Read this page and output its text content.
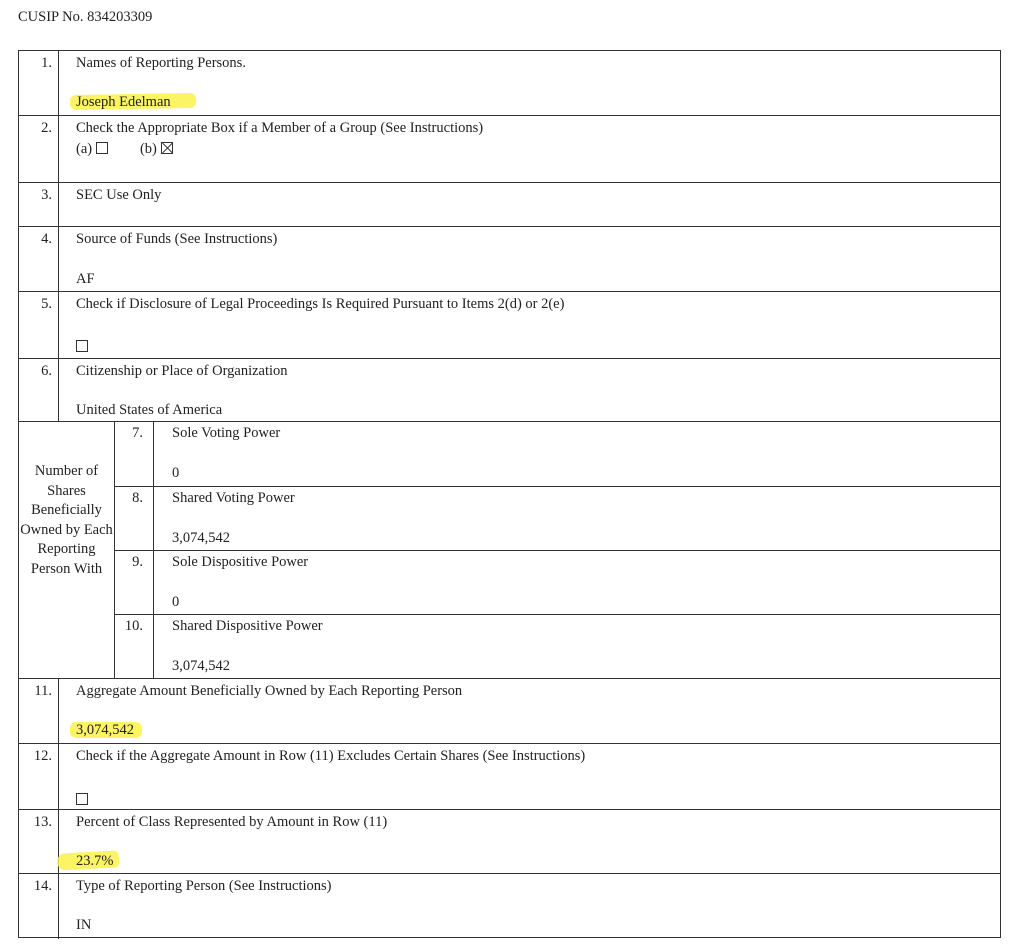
CUSIP No. 834203309
1.	Names of Reporting Persons.
Joseph Edelman
2.	Check the Appropriate Box if a Member of a Group (See Instructions)
(a)	(b)
3.	SEC Use Only
4.	Source of Funds (See Instructions)
AF
5.	Check if Disclosure of Legal Proceedings Is Required Pursuant to Items 2(d) or 2(e)
6.	Citizenship or Place of Organization
United States of America
Number of Shares Beneficially Owned by Each Reporting Person With
7.	Sole Voting Power
0
8.	Shared Voting Power
3,074,542
9.	Sole Dispositive Power
0
10.	Shared Dispositive Power
3,074,542
11.	Aggregate Amount Beneficially Owned by Each Reporting Person
3,074,542
12.	Check if the Aggregate Amount in Row (11) Excludes Certain Shares (See Instructions)
13.	Percent of Class Represented by Amount in Row (11)
23.7%
14.	Type of Reporting Person (See Instructions)
IN
